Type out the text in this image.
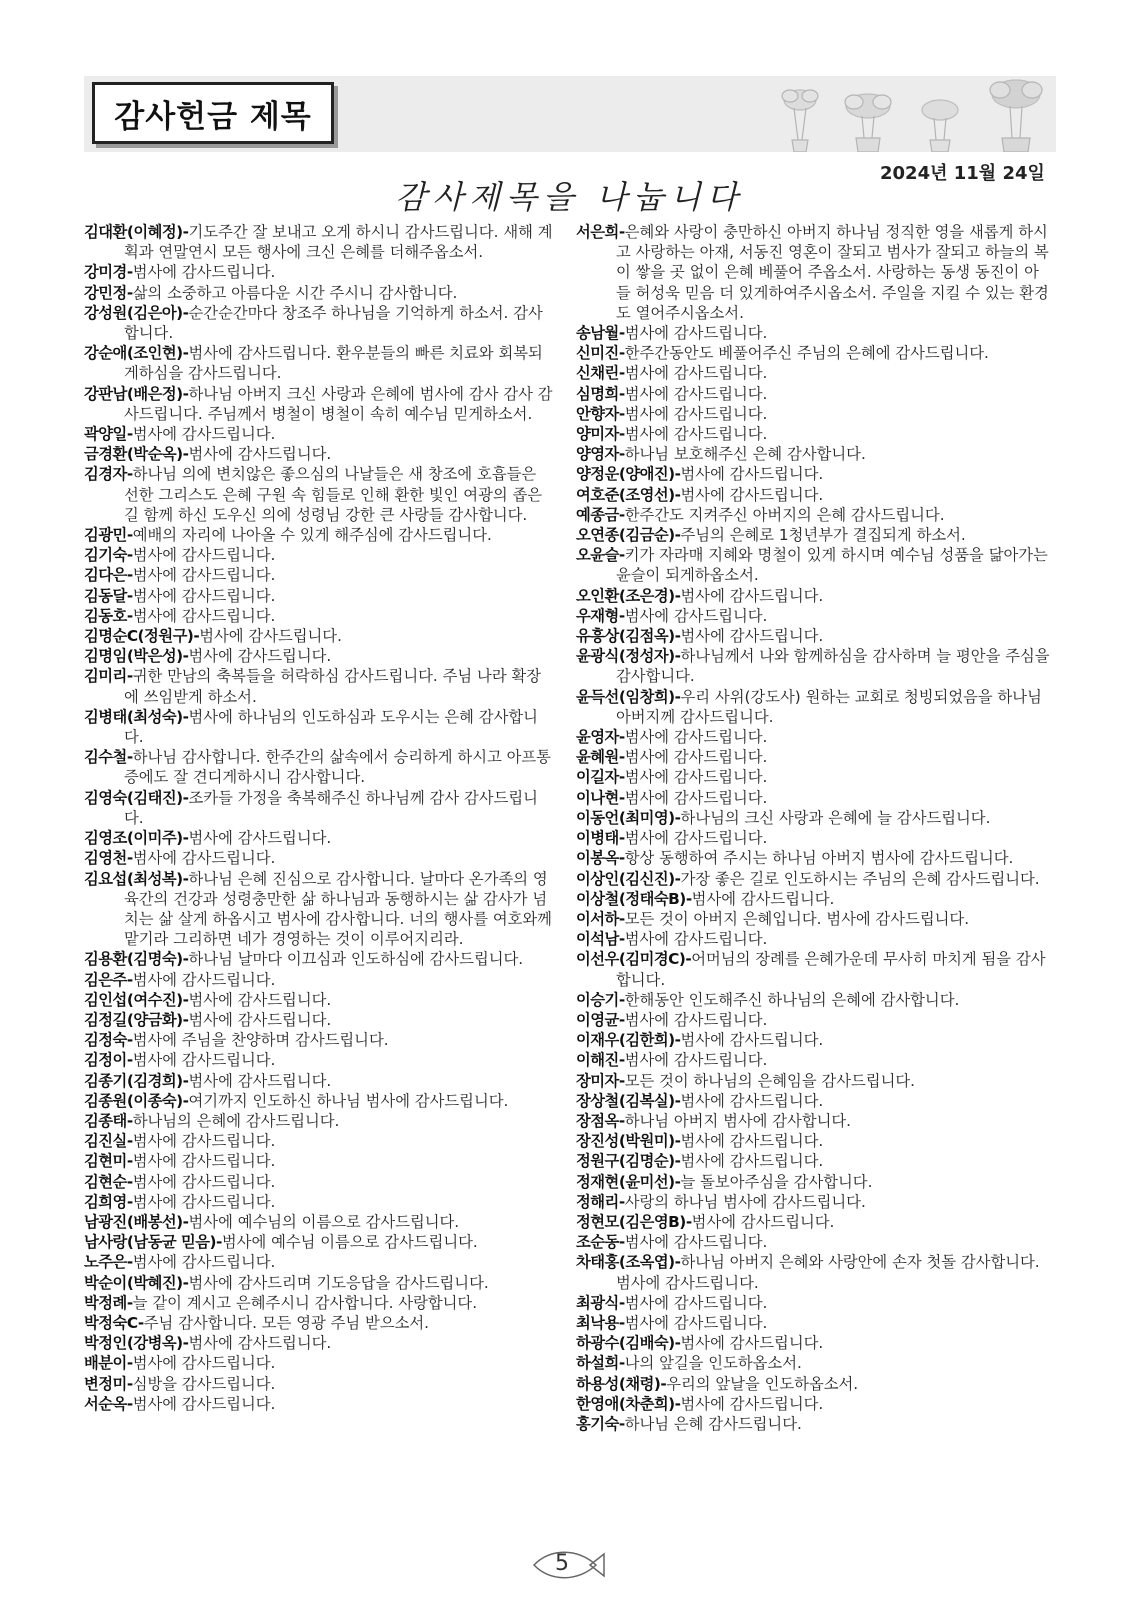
감사헌금 제목
2024년 11월 24일
감사제목을 나눕니다

김대환(이혜정)-기도주간 잘 보내고 오게 하시니 감사드립니다. 새해 계획과 연말연시 모든 행사에 크신 은혜를 더해주옵소서.

강미경-범사에 감사드립니다.

강민정-삶의 소중하고 아름다운 시간 주시니 감사합니다.

강성원(김은아)-순간순간마다 창조주 하나님을 기억하게 하소서. 감사합니다.

강순애(조인현)-범사에 감사드립니다. 환우분들의 빠른 치료와 회복되게하심을 감사드립니다.

강판남(배은정)-하나님 아버지 크신 사랑과 은혜에 범사에 감사 감사 감사드립니다. 주님께서 병철이 병철이 속히 예수님 믿게하소서.

곽양일-범사에 감사드립니다.

금경환(박순옥)-범사에 감사드립니다.

김경자-하나님 의에 변치않은 좋으심의 나날들은 새 창조에 호흡들은 선한 그리스도 은혜 구원 속 힘들로 인해 환한 빛인 여광의 좁은 길 함께 하신 도우신 의에 성령님 강한 큰 사랑들 감사합니다.

김광민-예배의 자리에 나아올 수 있게 해주심에 감사드립니다.

김기숙-범사에 감사드립니다.

김다은-범사에 감사드립니다.

김동달-범사에 감사드립니다.

김동호-범사에 감사드립니다.

김명순C(정원구)-범사에 감사드립니다.

김명임(박은성)-범사에 감사드립니다.

김미리-귀한 만남의 축복들을 허락하심 감사드립니다. 주님 나라 확장에 쓰임받게 하소서.

김병태(최성숙)-범사에 하나님의 인도하심과 도우시는 은혜 감사합니다.

김수철-하나님 감사합니다. 한주간의 삶속에서 승리하게 하시고 아프통증에도 잘 견디게하시니 감사합니다.

김영숙(김태진)-조카들 가정을 축복해주신 하나님께 감사 감사드립니다.

김영조(이미주)-범사에 감사드립니다.

김영천-범사에 감사드립니다.

김요섭(최성복)-하나님 은혜 진심으로 감사합니다. 날마다 온가족의 영육간의 건강과 성령충만한 삶 하나님과 동행하시는 삶 감사가 넘치는 삶 살게 하옵시고 범사에 감사합니다. 너의 행사를 여호와께 맡기라 그리하면 네가 경영하는 것이 이루어지리라.

김용환(김명숙)-하나님 날마다 이끄심과 인도하심에 감사드립니다.

김은주-범사에 감사드립니다.

김인섭(여수진)-범사에 감사드립니다.

김정길(양금화)-범사에 감사드립니다.

김정숙-범사에 주님을 찬양하며 감사드립니다.

김정이-범사에 감사드립니다.

김종기(김경희)-범사에 감사드립니다.

김종원(이종숙)-여기까지 인도하신 하나님 범사에 감사드립니다.

김종태-하나님의 은혜에 감사드립니다.

김진실-범사에 감사드립니다.

김현미-범사에 감사드립니다.

김현순-범사에 감사드립니다.

김희영-범사에 감사드립니다.

남광진(배봉선)-범사에 예수님의 이름으로 감사드립니다.

남사랑(남동균 믿음)-범사에 예수님 이름으로 감사드립니다.

노주은-범사에 감사드립니다.

박순이(박혜진)-범사에 감사드리며 기도응답을 감사드립니다.

박정례-늘 같이 계시고 은혜주시니 감사합니다. 사랑합니다.

박정숙C-주님 감사합니다. 모든 영광 주님 받으소서.

박정인(강병옥)-범사에 감사드립니다.

배분이-범사에 감사드립니다.

변정미-심방을 감사드립니다.

서순옥-범사에 감사드립니다.

서은희-은혜와 사랑이 충만하신 아버지 하나님 정직한 영을 새롭게 하시고 사랑하는 아재, 서동진 영혼이 잘되고 범사가 잘되고 하늘의 복이 쌓을 곳 없이 은혜 베풀어 주옵소서. 사랑하는 동생 동진이 아들 허성욱 믿음 더 있게하여주시옵소서. 주일을 지킬 수 있는 환경도 열어주시옵소서.

송남월-범사에 감사드립니다.

신미진-한주간동안도 베풀어주신 주님의 은혜에 감사드립니다.

신채린-범사에 감사드립니다.

심명희-범사에 감사드립니다.

안향자-범사에 감사드립니다.

양미자-범사에 감사드립니다.

양영자-하나님 보호해주신 은혜 감사합니다.

양정운(양애진)-범사에 감사드립니다.

여호준(조영선)-범사에 감사드립니다.

예종금-한주간도 지켜주신 아버지의 은혜 감사드립니다.

오연종(김금순)-주님의 은혜로 1청년부가 결집되게 하소서.

오윤슬-키가 자라매 지혜와 명철이 있게 하시며 예수님 성품을 닮아가는 윤슬이 되게하옵소서.

오인환(조은경)-범사에 감사드립니다.

우재형-범사에 감사드립니다.

유흥상(김점옥)-범사에 감사드립니다.

윤광식(정성자)-하나님께서 나와 함께하심을 감사하며 늘 평안을 주심을 감사합니다.

윤득선(임창희)-우리 사위(강도사) 원하는 교회로 청빙되었음을 하나님 아버지께 감사드립니다.

윤영자-범사에 감사드립니다.

윤혜원-범사에 감사드립니다.

이길자-범사에 감사드립니다.

이나현-범사에 감사드립니다.

이동언(최미영)-하나님의 크신 사랑과 은혜에 늘 감사드립니다.

이병태-범사에 감사드립니다.

이봉옥-항상 동행하여 주시는 하나님 아버지 범사에 감사드립니다.

이상인(김신진)-가장 좋은 길로 인도하시는 주님의 은혜 감사드립니다.

이상철(정태숙B)-범사에 감사드립니다.

이서하-모든 것이 아버지 은혜입니다. 범사에 감사드립니다.

이석남-범사에 감사드립니다.

이선우(김미경C)-어머님의 장례를 은혜가운데 무사히 마치게 됨을 감사합니다.

이승기-한해동안 인도해주신 하나님의 은혜에 감사합니다.

이영균-범사에 감사드립니다.

이재우(김한희)-범사에 감사드립니다.

이해진-범사에 감사드립니다.

장미자-모든 것이 하나님의 은혜임을 감사드립니다.

장상철(김복실)-범사에 감사드립니다.

장점옥-하나님 아버지 범사에 감사합니다.

장진성(박원미)-범사에 감사드립니다.

정원구(김명순)-범사에 감사드립니다.

정재현(윤미선)-늘 돌보아주심을 감사합니다.

정해리-사랑의 하나님 범사에 감사드립니다.

정현모(김은영B)-범사에 감사드립니다.

조순동-범사에 감사드립니다.

차태홍(조옥엽)-하나님 아버지 은혜와 사랑안에 손자 첫돌 감사합니다. 범사에 감사드립니다.

최광식-범사에 감사드립니다.

최낙용-범사에 감사드립니다.

하광수(김배숙)-범사에 감사드립니다.

하설희-나의 앞길을 인도하옵소서.

하용성(채령)-우리의 앞날을 인도하옵소서.

한영애(차춘희)-범사에 감사드립니다.

홍기숙-하나님 은혜 감사드립니다.

5
